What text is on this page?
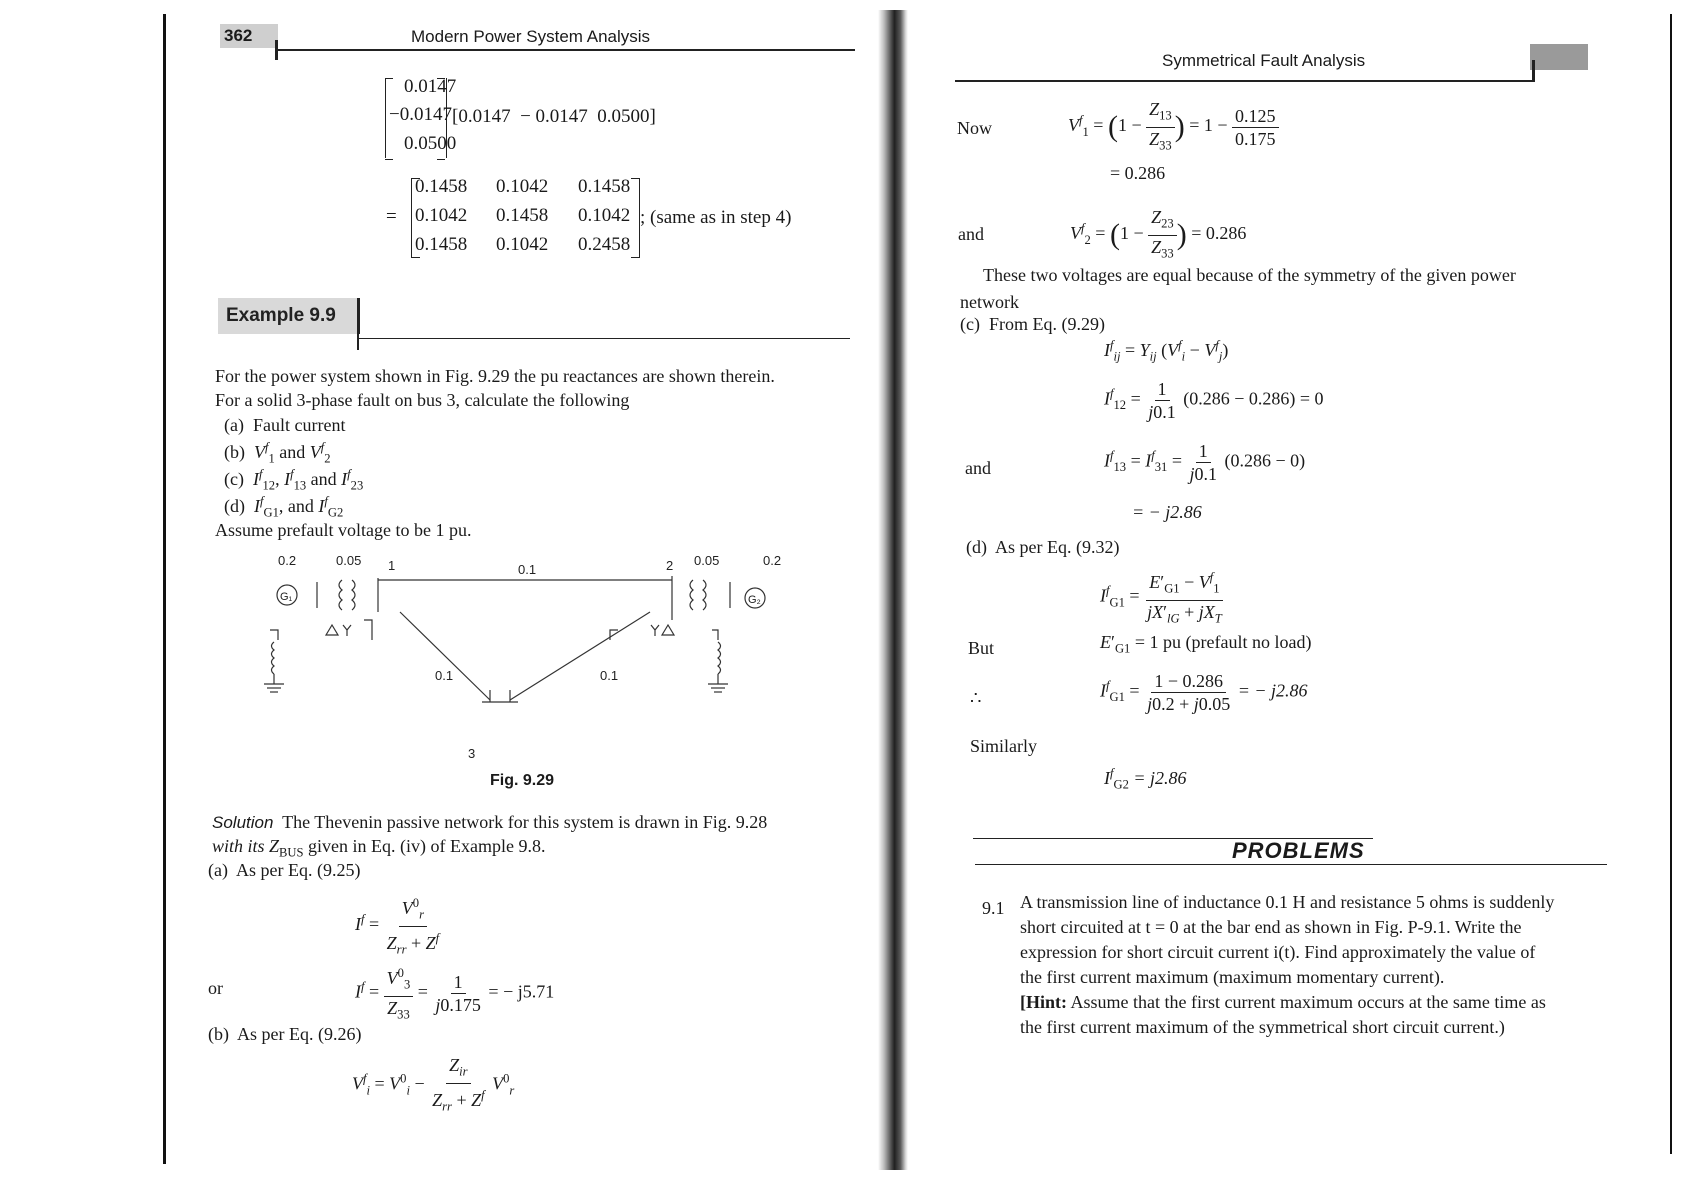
362	Modern Power System Analysis
0.0147
−0.0147
0.0500
[0.0147  − 0.0147  0.0500]
=
0.1458 0.1042 0.1458
0.1042 0.1458 0.1042
0.1458 0.1042 0.2458
; (same as in step 4)
Example 9.9
For the power system shown in Fig. 9.29 the pu reactances are shown therein.
For a solid 3-phase fault on bus 3, calculate the following
(a)  Fault current
(b) $V^f_1$ and $V^f_2$
(c) $I^f_{12}$, $I^f_{13}$ and $I^f_{23}$
(d) $I^f_{G1}$, and $I^f_{G2}$
Assume prefault voltage to be 1 pu.
0.2	0.05 1	0.1	2 0.05	0.2
0.1	0.1
3
G₁	G₂
Fig. 9.29
Solution The Thevenin passive network for this system is drawn in Fig. 9.28
with its $Z_{BUS}$ given in Eq. (iv) of Example 9.8.
(a)  As per Eq. (9.25)
$I^f = \frac{V^0_r}{Z_{rr} + Z^f}$
or	$I^f = \frac{V^0_3}{Z_{33}} = \frac{1}{j0.175}$ = − j5.71
(b)  As per Eq. (9.26)
$V^f_i = V^0_i - \frac{Z_{ir}}{Z_{rr} + Z^f} V^0_r$
Symmetrical Fault Analysis
Now	$V^f_1 = (1 - \frac{Z_{13}}{Z_{33}}$ ) = $1 - \frac{0.125}{0.175}$
= 0.286
and	$V^f_2 = (1 - \frac{Z_{23}}{Z_{33}}$ ) = 0.286
These two voltages are equal because of the symmetry of the given power
network
(c)  From Eq. (9.29)
$I^f_{ij} = Y_{ij}$ $(V^f_i - V^f_j)$
$I^f_{12} = \frac{1}{j0.1} (0.286 - 0.286) = 0$
and	$I^f_{13} = I^f_{31} = \frac{1}{j0.1} (0.286 - 0)$
= − j2.86
(d)  As per Eq. (9.32)
$I^f_{G1} = \frac{E'_{G1} - V^f_1}{jX'_{lG} + jX_T}$
But	$E'_{G1} = 1$ pu (prefault no load)
∴	$I^f_{G1} = \frac{1 - 0.286}{j0.2 + j0.05}$ = − j2.86
Similarly
$I^f_{G2} = j2.86$
PROBLEMS
9.1 A transmission line of inductance 0.1 H and resistance 5 ohms is suddenly
short circuited at t = 0 at the bar end as shown in Fig. P-9.1. Write the
expression for short circuit current i(t). Find approximately the value of
the first current maximum (maximum momentary current).
[Hint: Assume that the first current maximum occurs at the same time as
the first current maximum of the symmetrical short circuit current.)
